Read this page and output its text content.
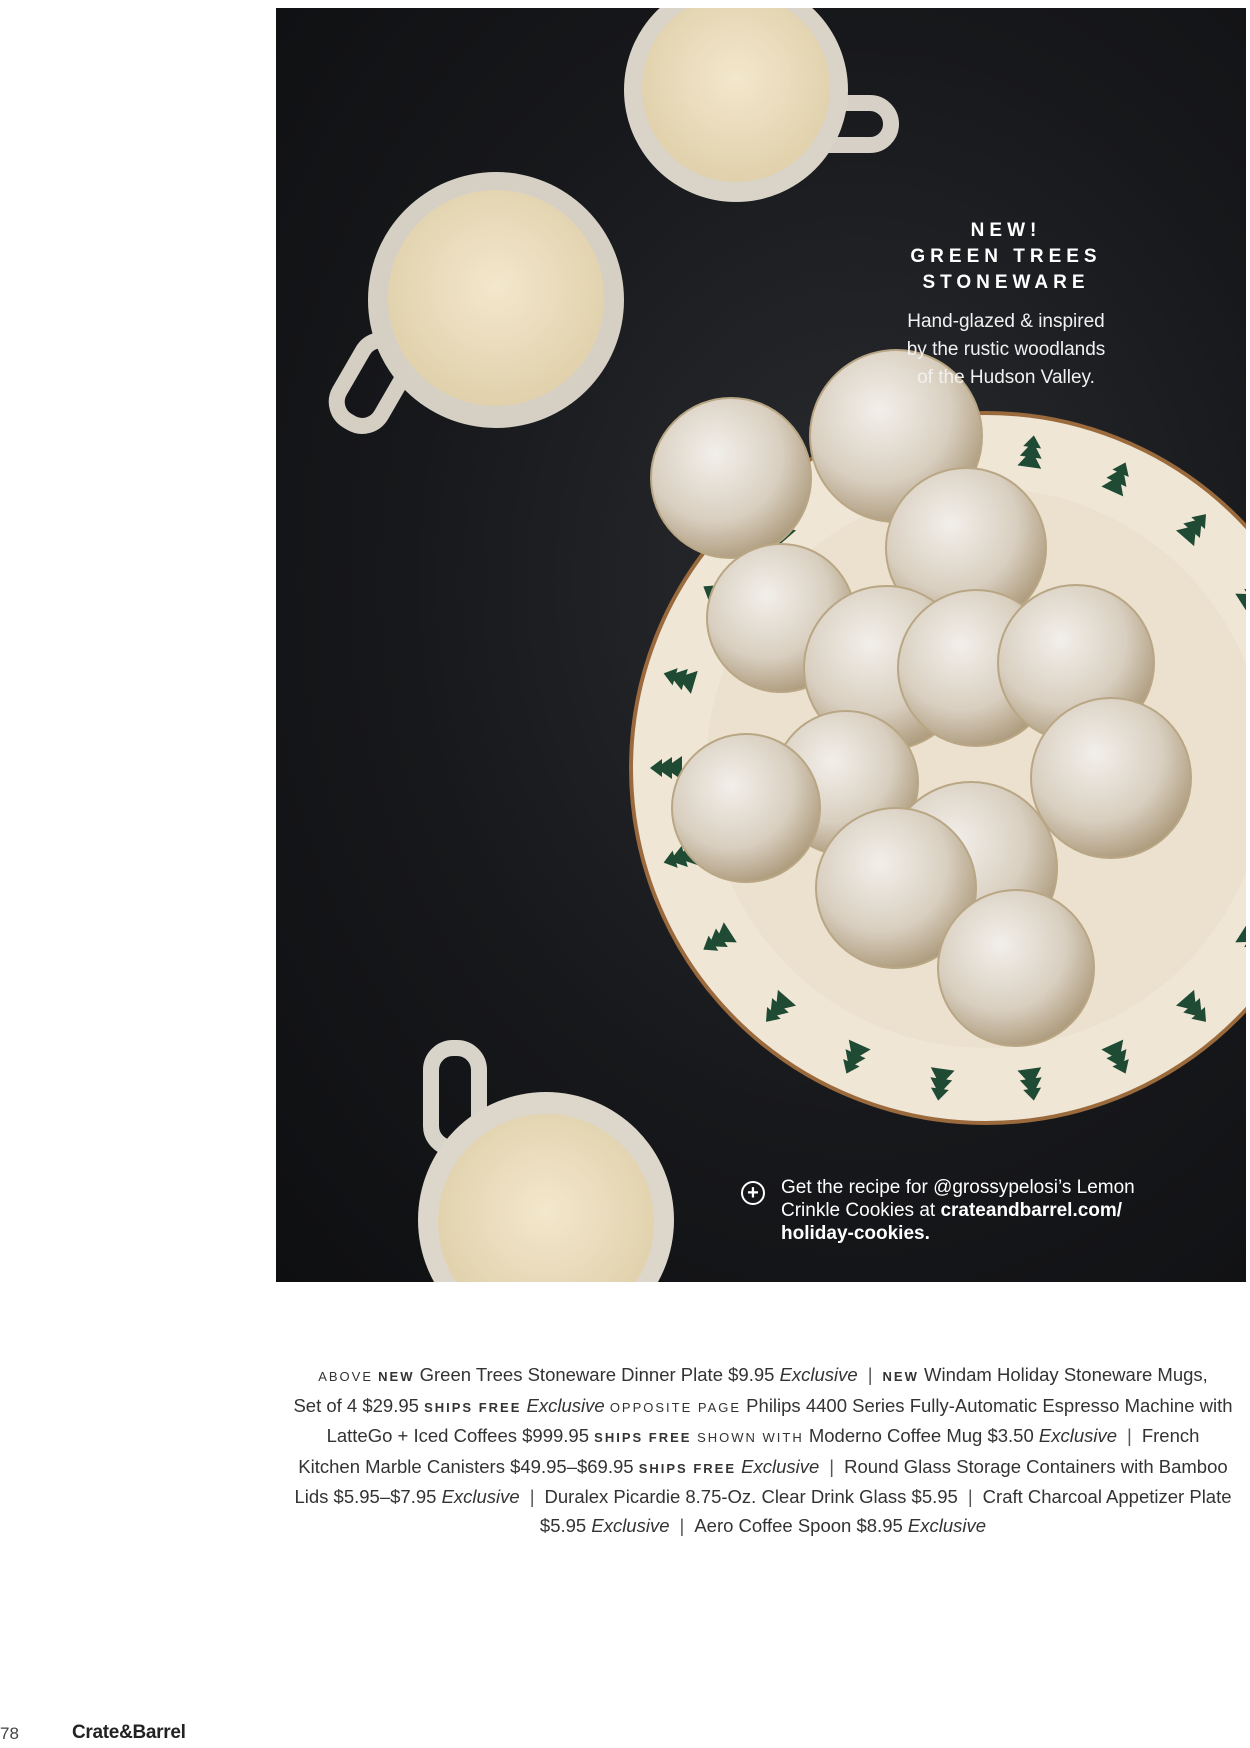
NEW!
GREEN TREES
STONEWARE
Hand-glazed & inspired
by the rustic woodlands
of the Hudson Valley.
+	Get the recipe for @grossypelosi’s Lemon
Crinkle Cookies at crateandbarrel.com/
holiday-cookies.
ABOVE NEW Green Trees Stoneware Dinner Plate $9.95 Exclusive | NEW Windam Holiday Stoneware Mugs,
Set of 4 $29.95 SHIPS FREE Exclusive OPPOSITE PAGE Philips 4400 Series Fully-Automatic Espresso Machine with
LatteGo + Iced Coffees $999.95 SHIPS FREE SHOWN WITH Moderno Coffee Mug $3.50 Exclusive | French
Kitchen Marble Canisters $49.95–$69.95 SHIPS FREE Exclusive | Round Glass Storage Containers with Bamboo
Lids $5.95–$7.95 Exclusive | Duralex Picardie 8.75-Oz. Clear Drink Glass $5.95 | Craft Charcoal Appetizer Plate
$5.95 Exclusive | Aero Coffee Spoon $8.95 Exclusive
78	Crate&Barrel
